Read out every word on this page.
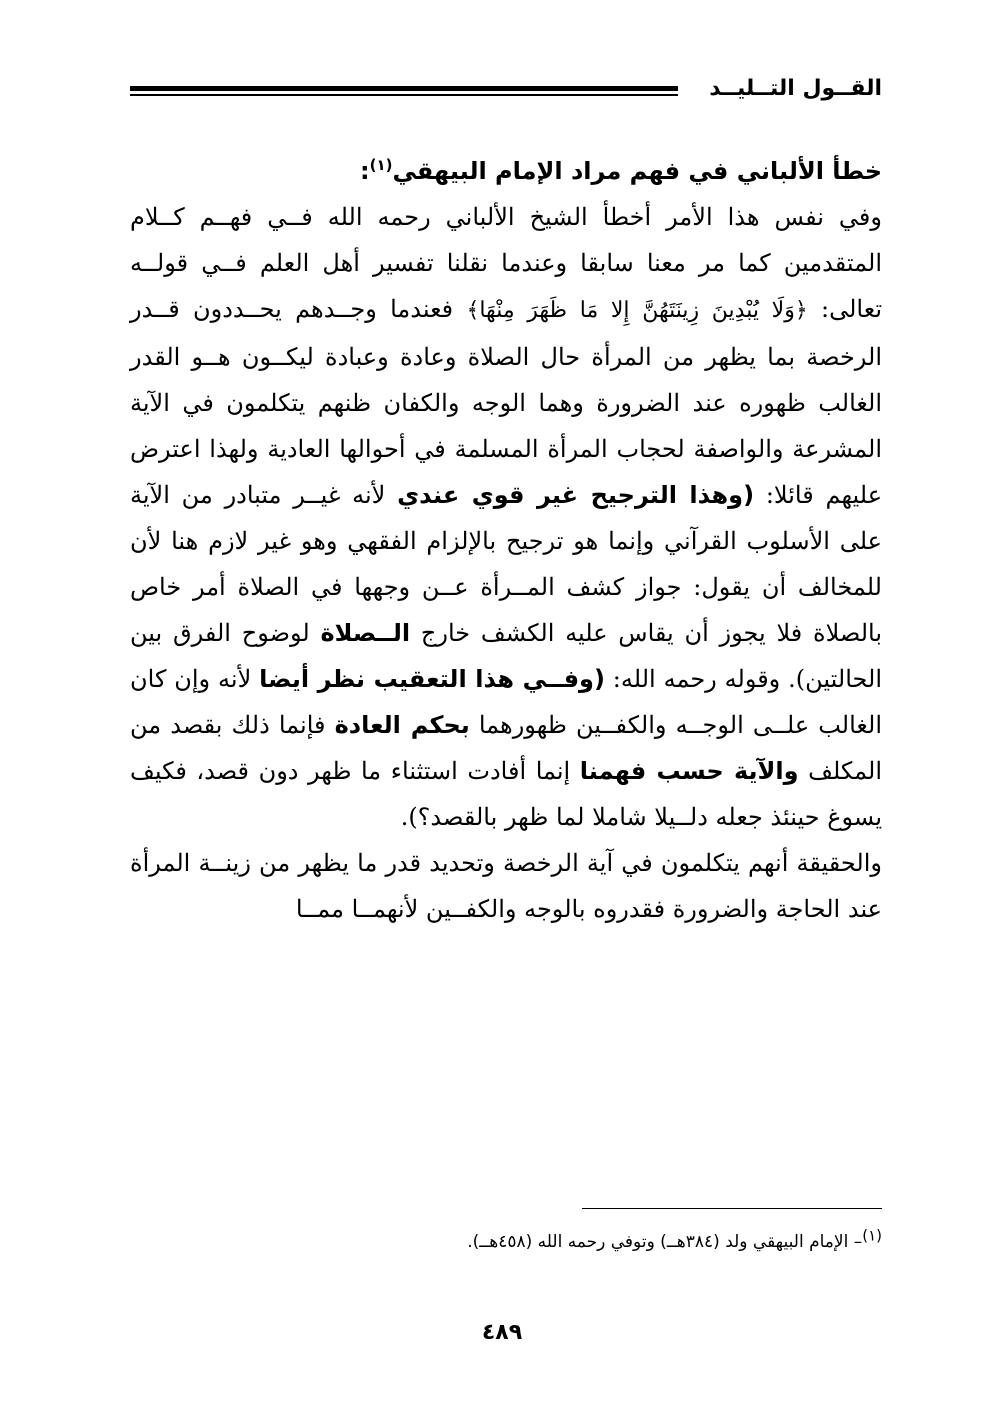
القــول التــليــد

خطأ الألباني في فهم مراد الإمام البيهقي$^{(١)}$:

وفي نفس هذا الأمر أخطأ الشيخ الألباني رحمه الله فــي فهــم كــلام المتقدمين كما مر معنا سابقا وعندما نقلنا تفسير أهل العلم فــي قولــه تعالى: ﴿وَلَا يُبْدِينَ زِينَتَهُنَّ إِلا مَا ظَهَرَ مِنْهَا﴾ فعندما وجــدهم يحــددون قــدر الرخصة بما يظهر من المرأة حال الصلاة وعادة وعبادة ليكــون هــو القدر الغالب ظهوره عند الضرورة وهما الوجه والكفان ظنهم يتكلمون في الآية المشرعة والواصفة لحجاب المرأة المسلمة في أحوالها العادية ولهذا اعترض عليهم قائلا: (وهذا الترجيح غير قوي عندي لأنه غيــر متبادر من الآية على الأسلوب القرآني وإنما هو ترجيح بالإلزام الفقهي وهو غير لازم هنا لأن للمخالف أن يقول: جواز كشف المــرأة عــن وجهها في الصلاة أمر خاص بالصلاة فلا يجوز أن يقاس عليه الكشف خارج الــصلاة لوضوح الفرق بين الحالتين). وقوله رحمه الله: (وفــي هذا التعقيب نظر أيضا لأنه وإن كان الغالب علــى الوجــه والكفــين ظهورهما بحكم العادة فإنما ذلك بقصد من المكلف والآية حسب فهمنا إنما أفادت استثناء ما ظهر دون قصد، فكيف يسوغ حينئذ جعله دلــيلا شاملا لما ظهر بالقصد؟).

والحقيقة أنهم يتكلمون في آية الرخصة وتحديد قدر ما يظهر من زينــة المرأة عند الحاجة والضرورة فقدروه بالوجه والكفــين لأنهمــا ممــا

(١)– الإمام البيهقي ولد (٣٨٤هــ) وتوفي رحمه الله (٤٥٨هــ).
٤٨٩
